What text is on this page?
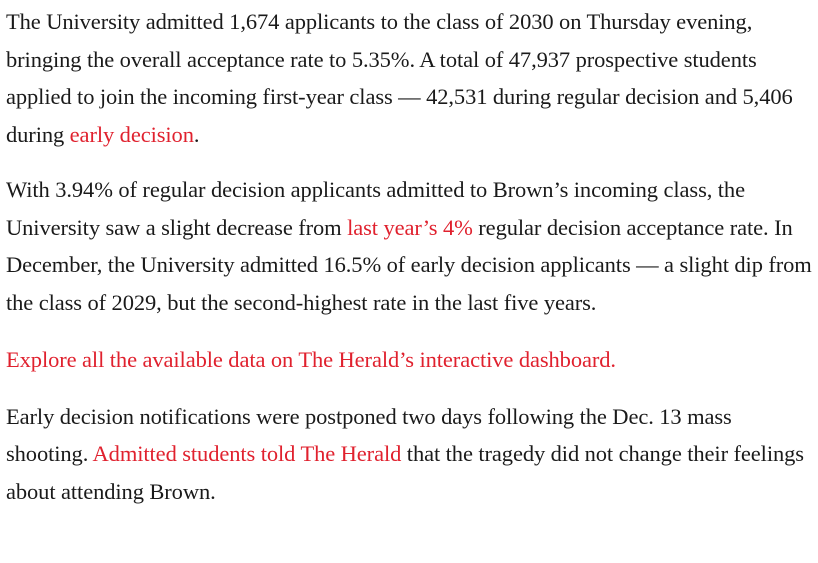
The University admitted 1,674 applicants to the class of 2030 on Thursday evening, bringing the overall acceptance rate to 5.35%. A total of 47,937 prospective students applied to join the incoming first-year class — 42,531 during regular decision and 5,406 during early decision.

With 3.94% of regular decision applicants admitted to Brown’s incoming class, the University saw a slight decrease from last year’s 4% regular decision acceptance rate. In December, the University admitted 16.5% of early decision applicants — a slight dip from the class of 2029, but the second-highest rate in the last five years.

Explore all the available data on The Herald’s interactive dashboard.

Early decision notifications were postponed two days following the Dec. 13 mass shooting. Admitted students told The Herald that the tragedy did not change their feelings about attending Brown.
